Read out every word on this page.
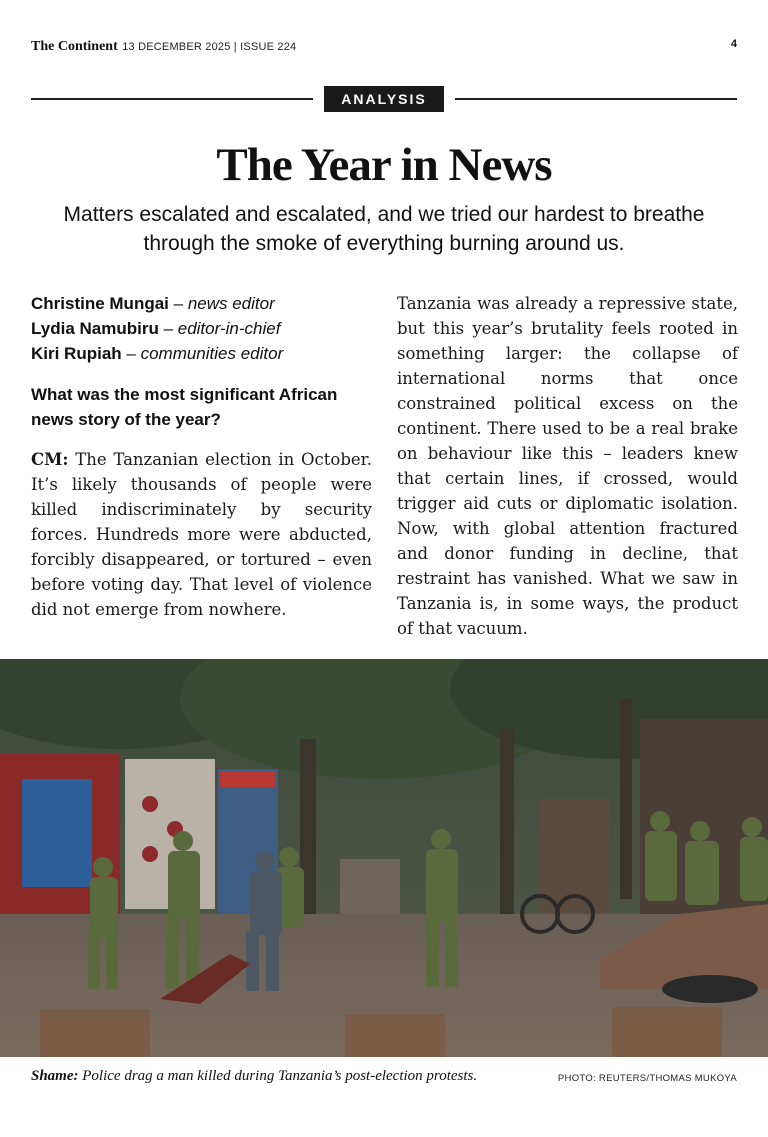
The Continent 13 DECEMBER 2025 | ISSUE 224	4
ANALYSIS
The Year in News

Matters escalated and escalated, and we tried our hardest to breathe through the smoke of everything burning around us.

Christine Mungai – news editor
Lydia Namubiru – editor-in-chief
Kiri Rupiah – communities editor

What was the most significant African news story of the year?

CM: The Tanzanian election in October. It’s likely thousands of people were killed indiscriminately by security forces. Hundreds more were abducted, forcibly disappeared, or tortured – even before voting day. That level of violence did not emerge from nowhere.

Tanzania was already a repressive state, but this year’s brutality feels rooted in something larger: the collapse of international norms that once constrained political excess on the continent. There used to be a real brake on behaviour like this – leaders knew that certain lines, if crossed, would trigger aid cuts or diplomatic isolation. Now, with global attention fractured and donor funding in decline, that restraint has vanished. What we saw in Tanzania is, in some ways, the product of that vacuum.

Shame: Police drag a man killed during Tanzania’s post-election protests.	PHOTO: REUTERS/THOMAS MUKOYA
